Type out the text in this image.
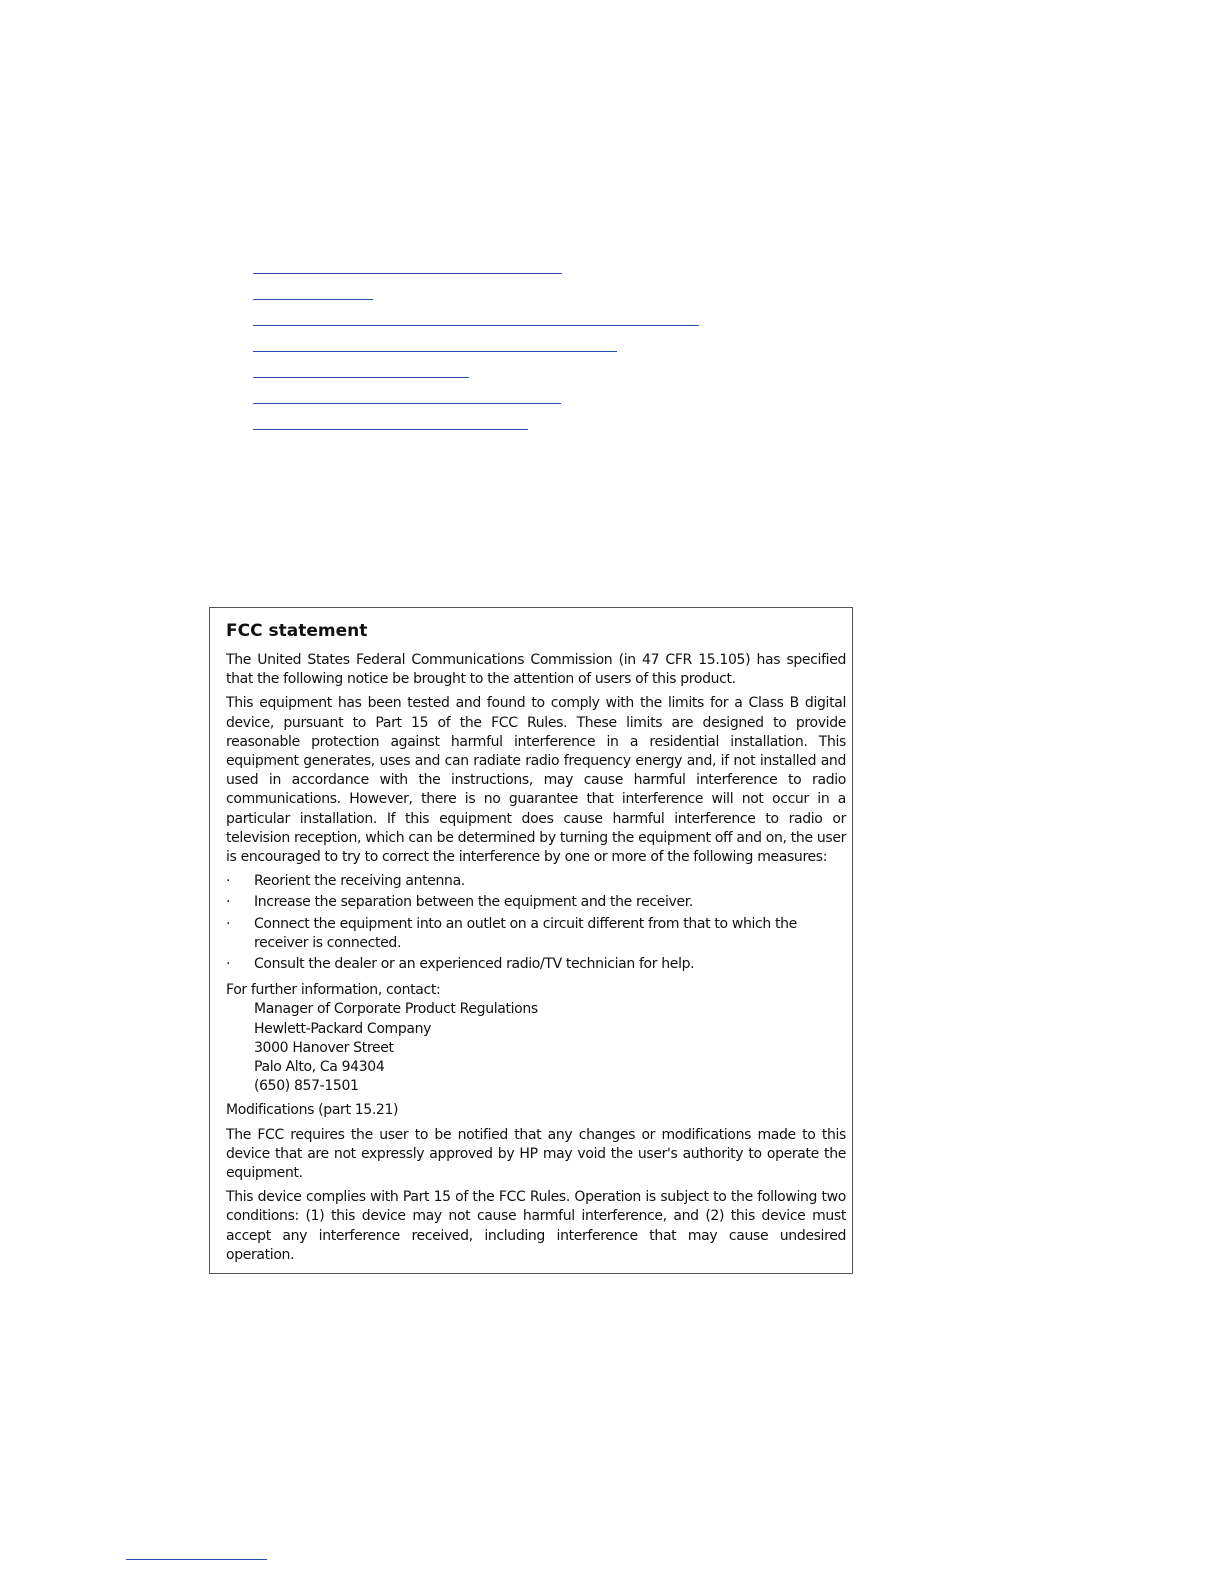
FCC statement

The United States Federal Communications Commission (in 47 CFR 15.105) has specified that the following notice be brought to the attention of users of this product.

This equipment has been tested and found to comply with the limits for a Class B digital device, pursuant to Part 15 of the FCC Rules. These limits are designed to provide reasonable protection against harmful interference in a residential installation. This equipment generates, uses and can radiate radio frequency energy and, if not installed and used in accordance with the instructions, may cause harmful interference to radio communications. However, there is no guarantee that interference will not occur in a particular installation. If this equipment does cause harmful interference to radio or television reception, which can be determined by turning the equipment off and on, the user is encouraged to try to correct the interference by one or more of the following measures:

· Reorient the receiving antenna.
· Increase the separation between the equipment and the receiver.
· Connect the equipment into an outlet on a circuit different from that to which the receiver is connected.
· Consult the dealer or an experienced radio/TV technician for help.

For further information, contact:

Manager of Corporate Product Regulations
Hewlett-Packard Company
3000 Hanover Street
Palo Alto, Ca 94304
(650) 857-1501

Modifications (part 15.21)

The FCC requires the user to be notified that any changes or modifications made to this device that are not expressly approved by HP may void the user's authority to operate the equipment.

This device complies with Part 15 of the FCC Rules. Operation is subject to the following two conditions: (1) this device may not cause harmful interference, and (2) this device must accept any interference received, including interference that may cause undesired operation.
